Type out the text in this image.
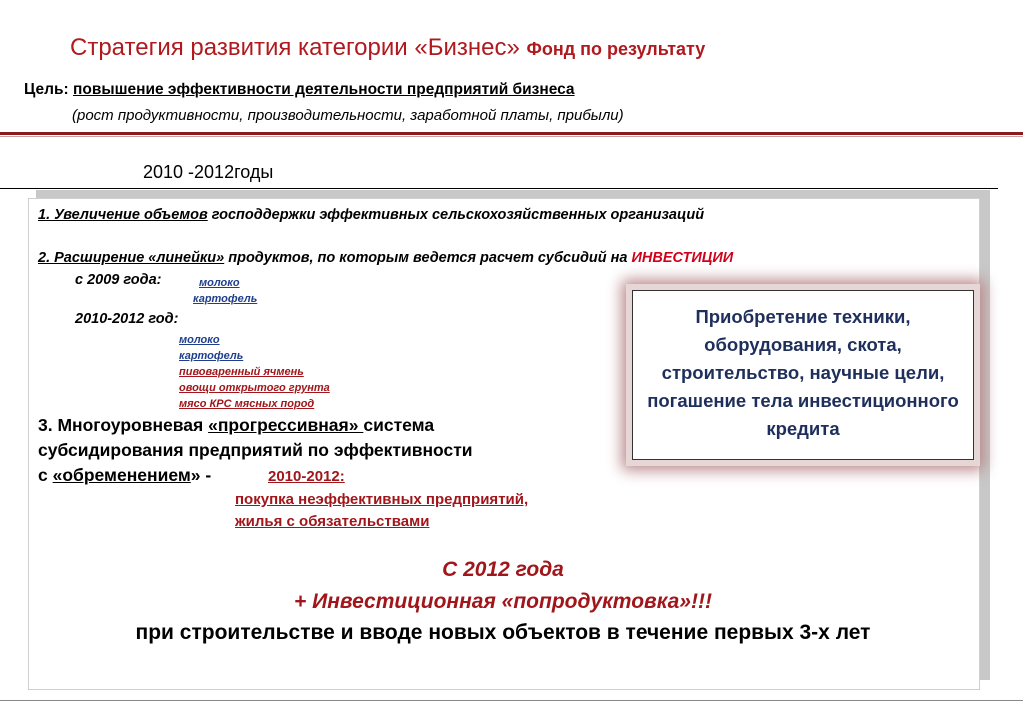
Стратегия развития категории «Бизнес» Фонд по результату
Цель: повышение эффективности деятельности предприятий бизнеса
(рост продуктивности, производительности, заработной платы, прибыли)
2010 -2012годы
1. Увеличение объемов господдержки эффективных сельскохозяйственных организаций
2. Расширение «линейки» продуктов, по которым ведется расчет субсидий на ИНВЕСТИЦИИ
с 2009 года:	молоко
картофель
2010-2012 год:
молоко
картофель
пивоваренный ячмень
овощи открытого грунта
мясо КРС мясных пород
3. Многоуровневая «прогрессивная» система
субсидирования предприятий по эффективности
с «обременением» -	2010-2012:
покупка неэффективных предприятий,
жилья с обязательствами
Приобретение техники, оборудования, скота, строительство, научные цели, погашение тела инвестиционного кредита
С 2012 года
+ Инвестиционная «попродуктовка»!!!
при строительстве и вводе новых объектов в течение первых 3-х лет
